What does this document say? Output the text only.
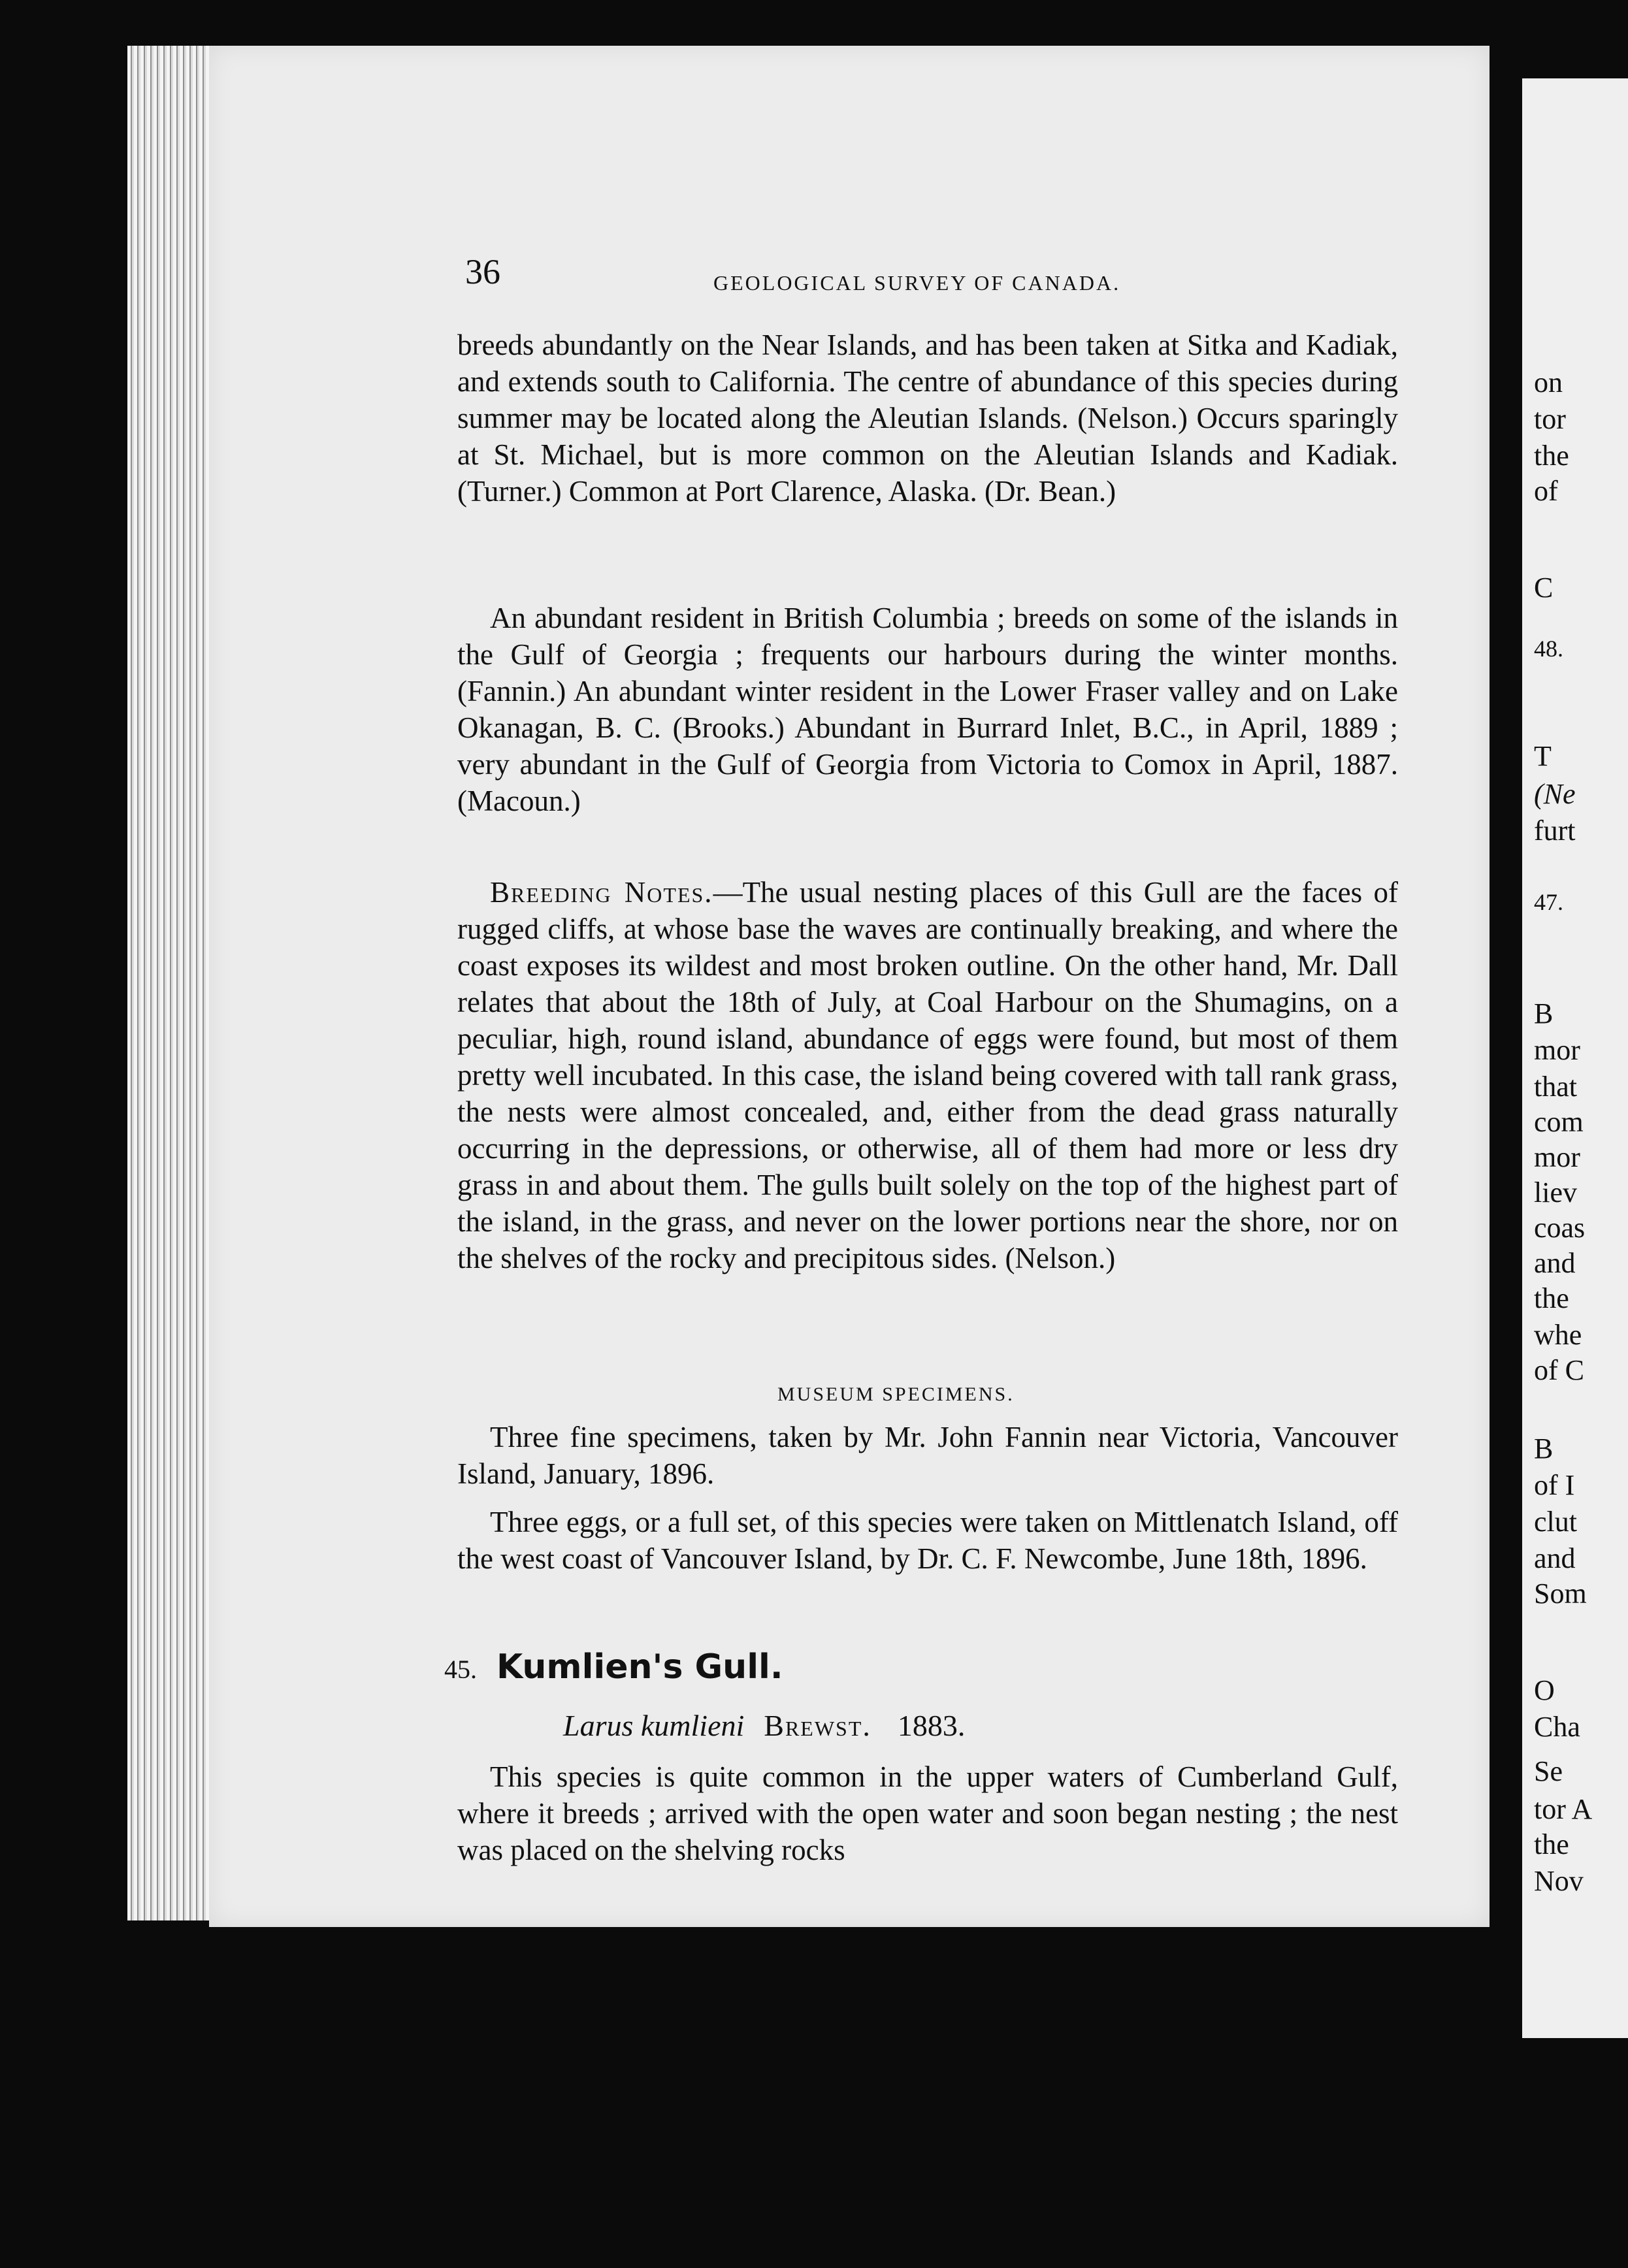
on
tor
the
of
C
48.
T
(Ne
furt
47.
B
mor
that
com
mor
liev
coas
and
the
whe
of C
B
of I
clut
and
Som
O
Cha
Se
tor A
the
Nov
36	GEOLOGICAL SURVEY OF CANADA.

breeds abundantly on the Near Islands, and has been taken at Sitka and Kadiak, and extends south to California. The centre of abundance of this species during summer may be located along the Aleutian Islands. (Nelson.) Occurs sparingly at St. Michael, but is more common on the Aleutian Islands and Kadiak. (Turner.) Common at Port Clarence, Alaska. (Dr. Bean.)

An abundant resident in British Columbia ; breeds on some of the islands in the Gulf of Georgia ; frequents our harbours during the winter months. (Fannin.) An abundant winter resident in the Lower Fraser valley and on Lake Okanagan, B. C. (Brooks.) Abundant in Burrard Inlet, B.C., in April, 1889 ; very abundant in the Gulf of Georgia from Victoria to Comox in April, 1887. (Macoun.)

Breeding Notes.—The usual nesting places of this Gull are the faces of rugged cliffs, at whose base the waves are continually breaking, and where the coast exposes its wildest and most broken outline. On the other hand, Mr. Dall relates that about the 18th of July, at Coal Harbour on the Shumagins, on a peculiar, high, round island, abundance of eggs were found, but most of them pretty well incubated. In this case, the island being covered with tall rank grass, the nests were almost concealed, and, either from the dead grass naturally occurring in the depressions, or otherwise, all of them had more or less dry grass in and about them. The gulls built solely on the top of the highest part of the island, in the grass, and never on the lower portions near the shore, nor on the shelves of the rocky and precipitous sides. (Nelson.)

MUSEUM SPECIMENS.

Three fine specimens, taken by Mr. John Fannin near Victoria, Vancouver Island, January, 1896.

Three eggs, or a full set, of this species were taken on Mittlenatch Island, off the west coast of Vancouver Island, by Dr. C. F. Newcombe, June 18th, 1896.

45. Kumlien's Gull.
Larus kumlieni Brewst. 1883.

This species is quite common in the upper waters of Cumberland Gulf, where it breeds ; arrived with the open water and soon began nesting ; the nest was placed on the shelving rocks
